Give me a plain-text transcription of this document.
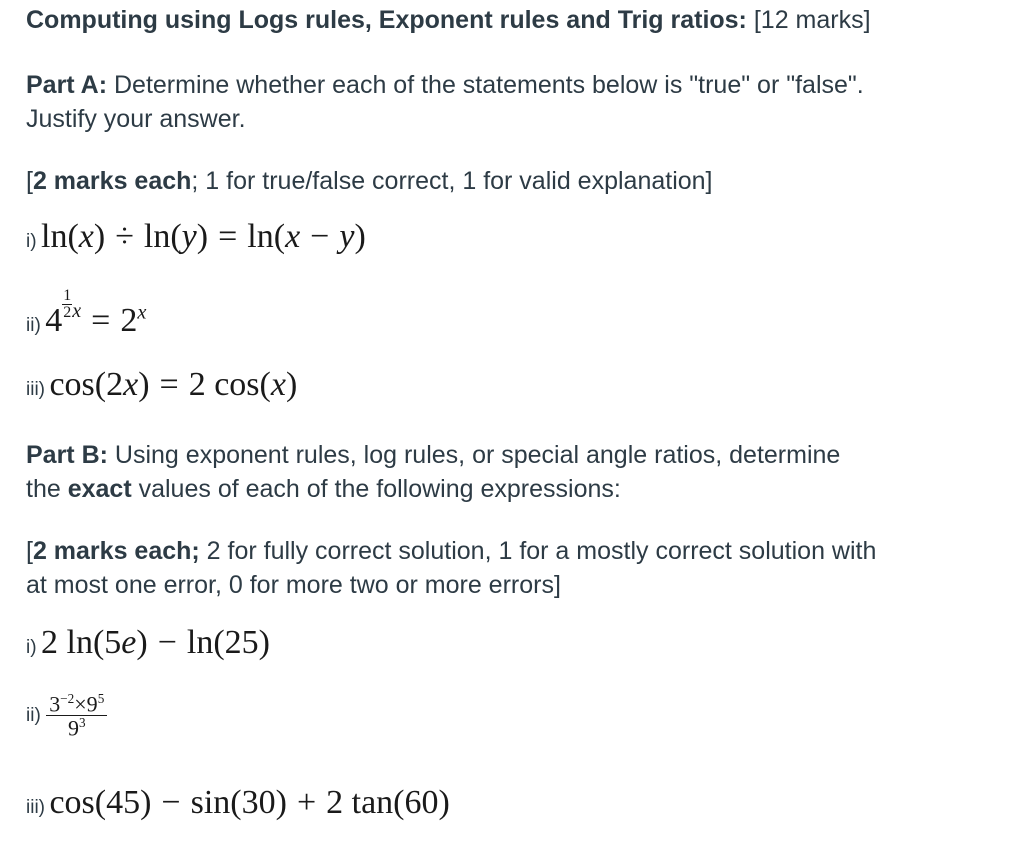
Computing using Logs rules, Exponent rules and Trig ratios: [12 marks]
Part A: Determine whether each of the statements below is "true" or "false".
Justify your answer.
[2 marks each; 1 for true/false correct, 1 for valid explanation]
i) ln(x) ÷ ln(y) = ln(x − y)
ii) $4 \frac{1}{2} ^x = 2^x$
iii) cos(2x) = 2 cos(x)
Part B: Using exponent rules, log rules, or special angle ratios, determine
the exact values of each of the following expressions:
[2 marks each; 2 for fully correct solution, 1 for a mostly correct solution with
at most one error, 0 for more two or more errors]
i) 2 ln(5e) − ln(25)
$ii) \frac{3^{-2}\times 9^5}{9^3}$
iii) cos(45) − sin(30) + 2 tan(60)
